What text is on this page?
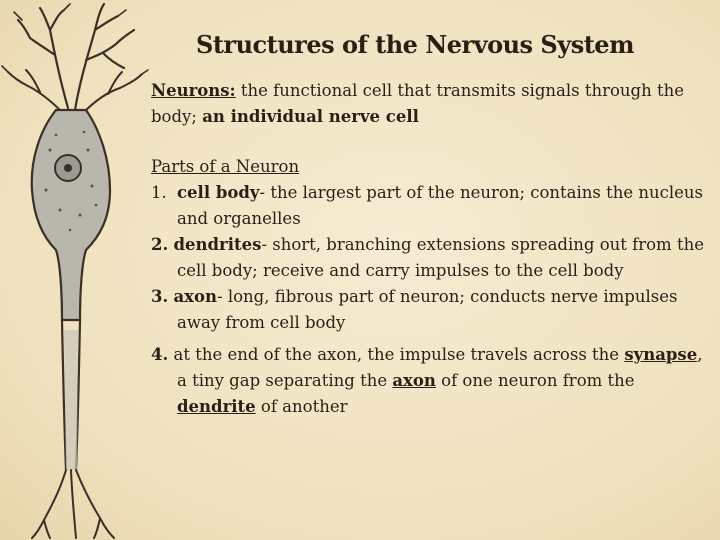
Structures of the Nervous System

Neurons: the functional cell that transmits signals through the body; an individual nerve cell

Parts of a Neuron

1. cell body- the largest part of the neuron; contains the nucleus and organelles

2. dendrites- short, branching extensions spreading out from the cell body; receive and carry impulses to the cell body

3. axon- long, fibrous part of neuron; conducts nerve impulses away from cell body

4. at the end of the axon, the impulse travels across the synapse, a tiny gap separating the axon of one neuron from the dendrite of another
